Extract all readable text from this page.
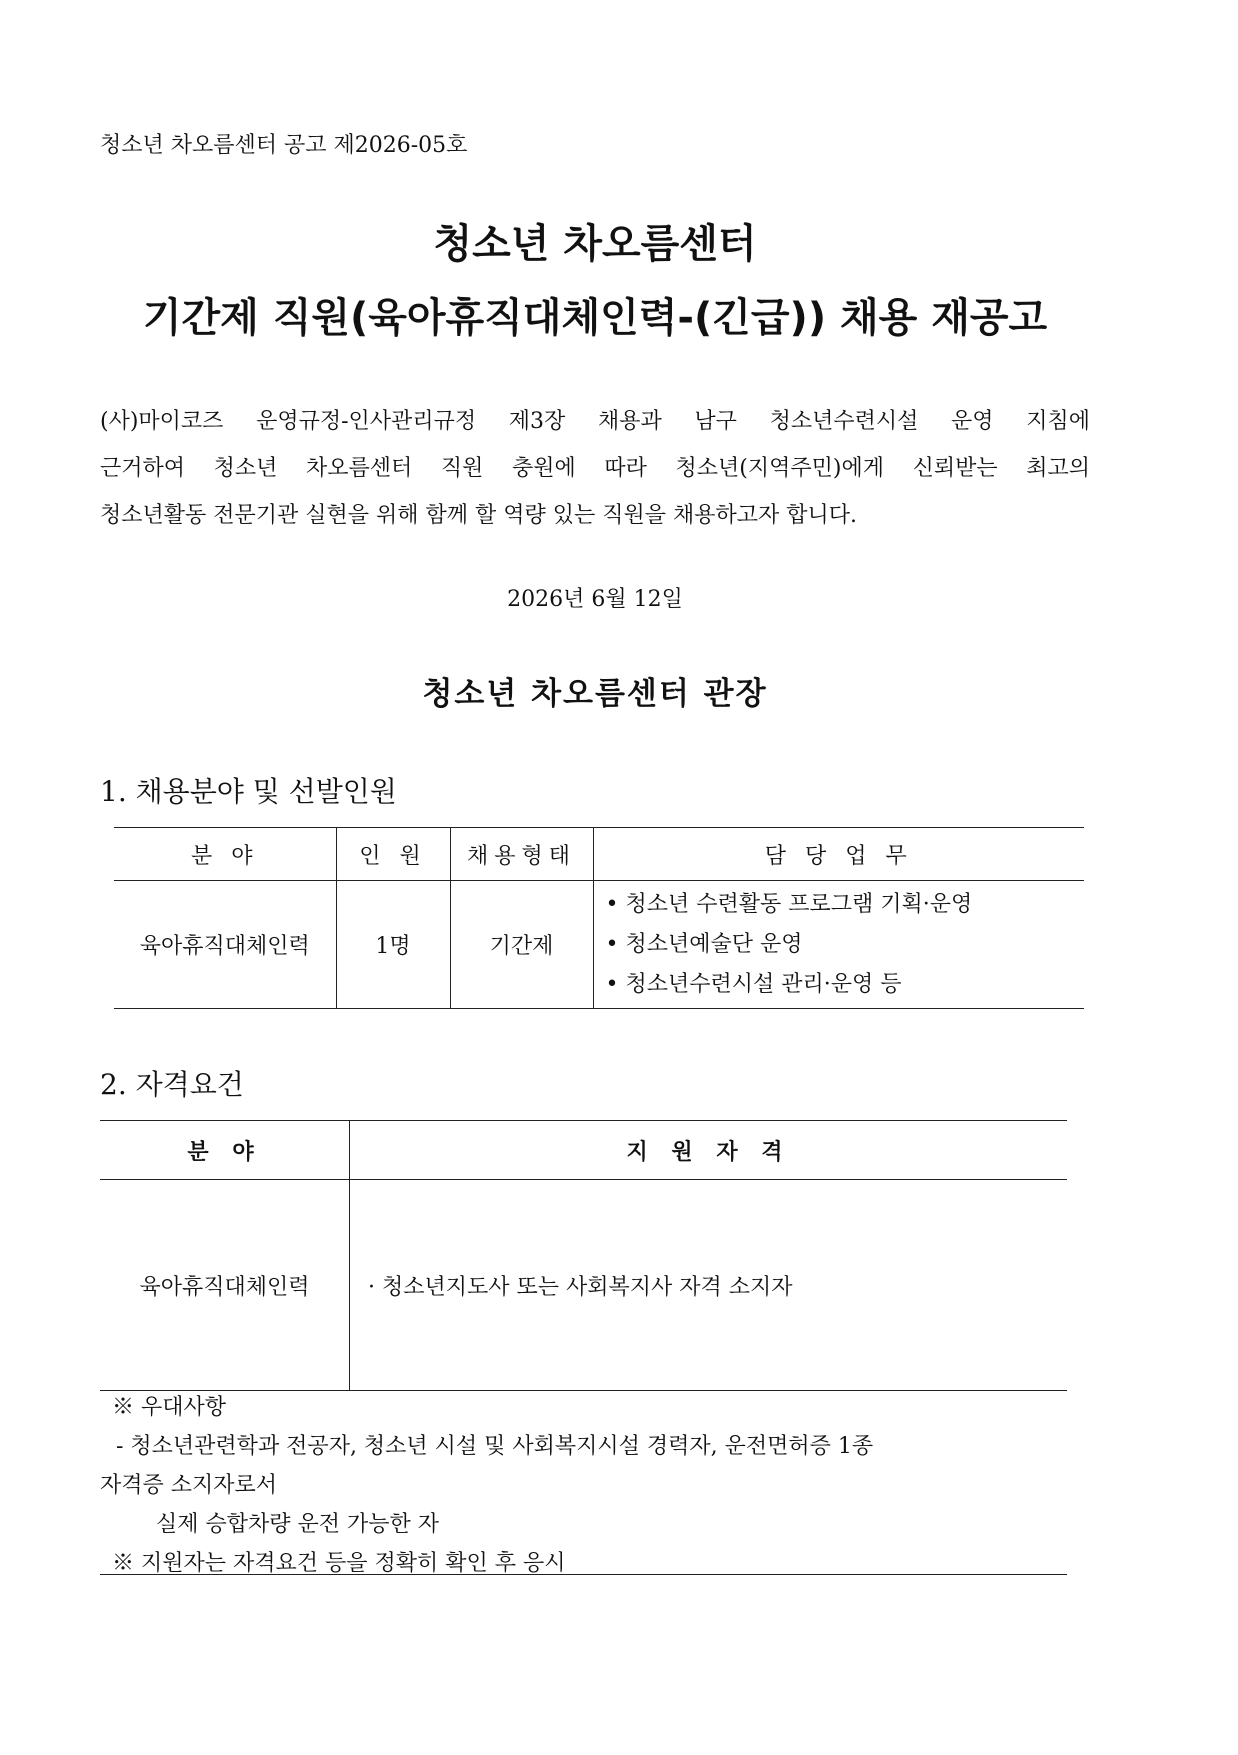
청소년 차오름센터 공고 제2026-05호
청소년 차오름센터
기간제 직원(육아휴직대체인력-(긴급)) 채용 재공고
(사)마이코즈 운영규정-인사관리규정 제3장 채용과 남구 청소년수련시설 운영 지침에
근거하여 청소년 차오름센터 직원 충원에 따라 청소년(지역주민)에게 신뢰받는 최고의
청소년활동 전문기관 실현을 위해 함께 할 역량 있는 직원을 채용하고자 합니다.
2026년 6월 12일
청소년 차오름센터 관장
1. 채용분야 및 선발인원
분 야	인 원	채용형태	담 당 업 무
육아휴직대체인력	1명	기간제	• 청소년 수련활동 프로그램 기획·운영
• 청소년예술단 운영
• 청소년수련시설 관리·운영 등
2. 자격요건
분 야	지 원 자 격
육아휴직대체인력	· 청소년지도사 또는 사회복지사 자격 소지자
※ 우대사항
- 청소년관련학과 전공자, 청소년 시설 및 사회복지시설 경력자, 운전면허증 1종
자격증 소지자로서
실제 승합차량 운전 가능한 자
※ 지원자는 자격요건 등을 정확히 확인 후 응시
